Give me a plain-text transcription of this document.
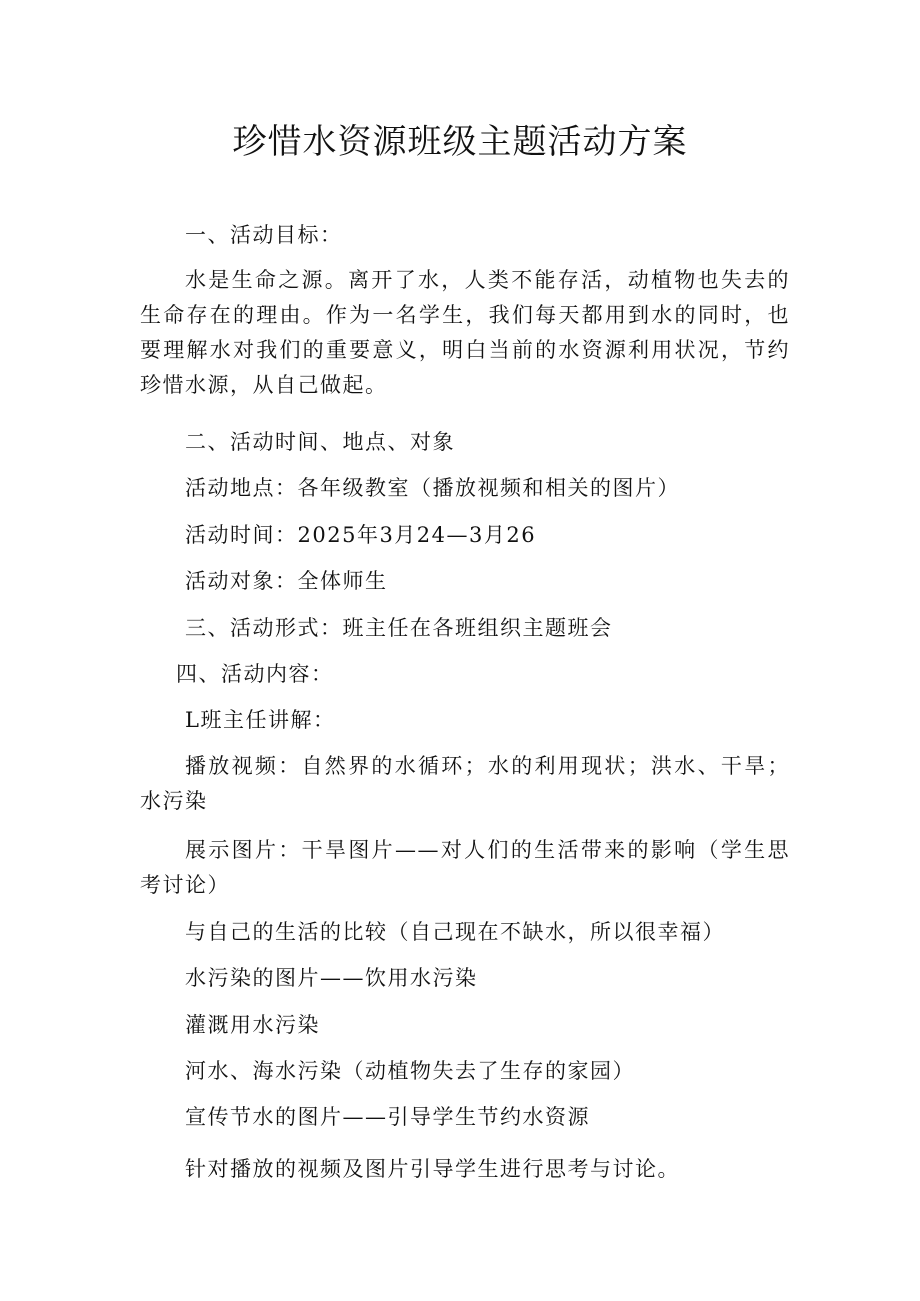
珍惜水资源班级主题活动方案
一、活动目标：
水是生命之源。离开了水，人类不能存活，动植物也失去的生命存在的理由。作为一名学生，我们每天都用到水的同时，也要理解水对我们的重要意义，明白当前的水资源利用状况，节约珍惜水源，从自己做起。
二、活动时间、地点、对象
活动地点：各年级教室（播放视频和相关的图片）
活动时间：2025年3月24—3月26
活动对象：全体师生
三、活动形式：班主任在各班组织主题班会
四、活动内容：
L班主任讲解：
播放视频：自然界的水循环；水的利用现状；洪水、干旱；水污染
展示图片：干旱图片——对人们的生活带来的影响（学生思考讨论）
与自己的生活的比较（自己现在不缺水，所以很幸福）
水污染的图片——饮用水污染
灌溉用水污染
河水、海水污染（动植物失去了生存的家园）
宣传节水的图片——引导学生节约水资源
针对播放的视频及图片引导学生进行思考与讨论。
